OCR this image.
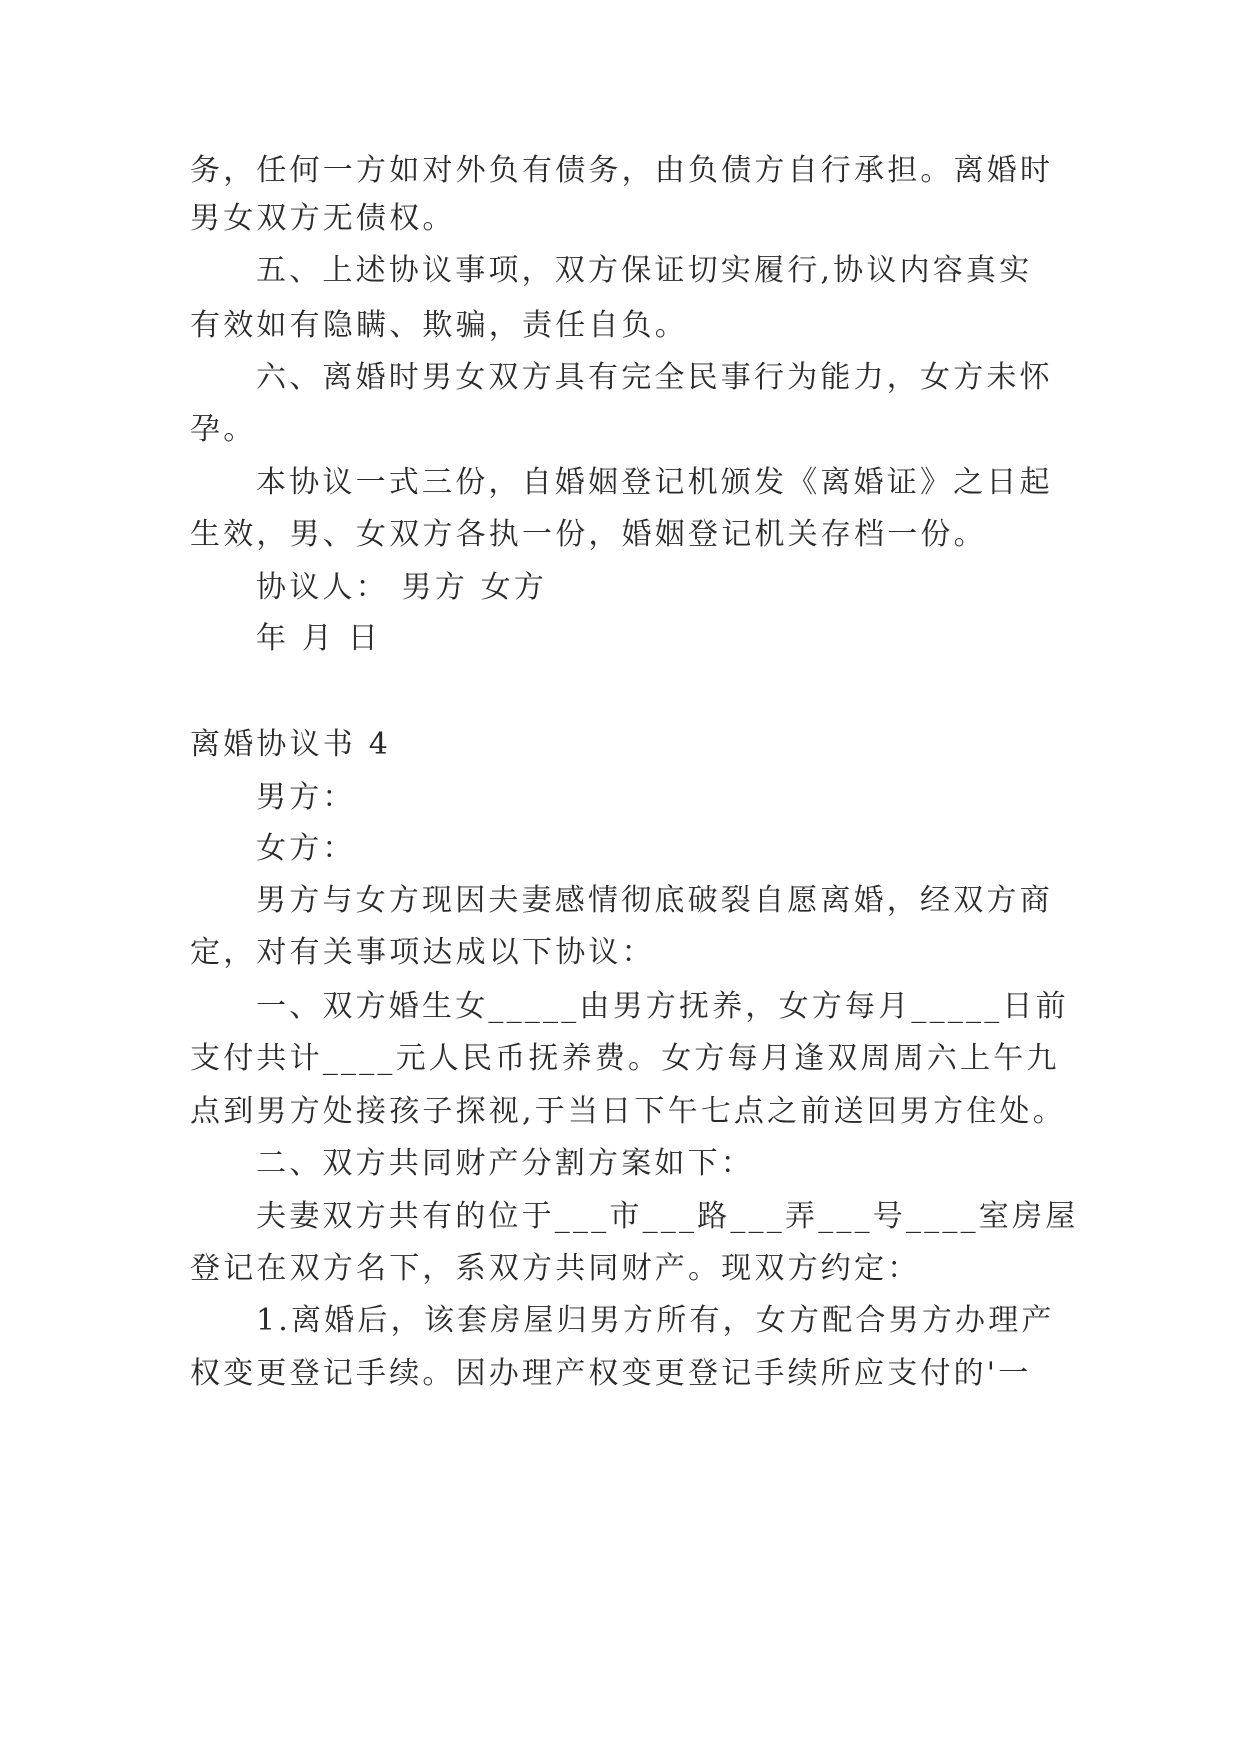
务，任何一方如对外负有债务，由负债方自行承担。离婚时
男女双方无债权。
五、上述协议事项，双方保证切实履行,协议内容真实
有效如有隐瞒、欺骗，责任自负。
六、离婚时男女双方具有完全民事行为能力，女方未怀
孕。
本协议一式三份，自婚姻登记机颁发《离婚证》之日起
生效，男、女双方各执一份，婚姻登记机关存档一份。
协议人： 男方 女方
年 月 日
离婚协议书 4
男方：
女方：
男方与女方现因夫妻感情彻底破裂自愿离婚，经双方商
定，对有关事项达成以下协议：
一、双方婚生女_____由男方抚养，女方每月_____日前
支付共计____元人民币抚养费。女方每月逢双周周六上午九
点到男方处接孩子探视,于当日下午七点之前送回男方住处。
二、双方共同财产分割方案如下：
夫妻双方共有的位于___市___路___弄___号____室房屋
登记在双方名下，系双方共同财产。现双方约定：
1.离婚后，该套房屋归男方所有，女方配合男方办理产
权变更登记手续。因办理产权变更登记手续所应支付的'一
